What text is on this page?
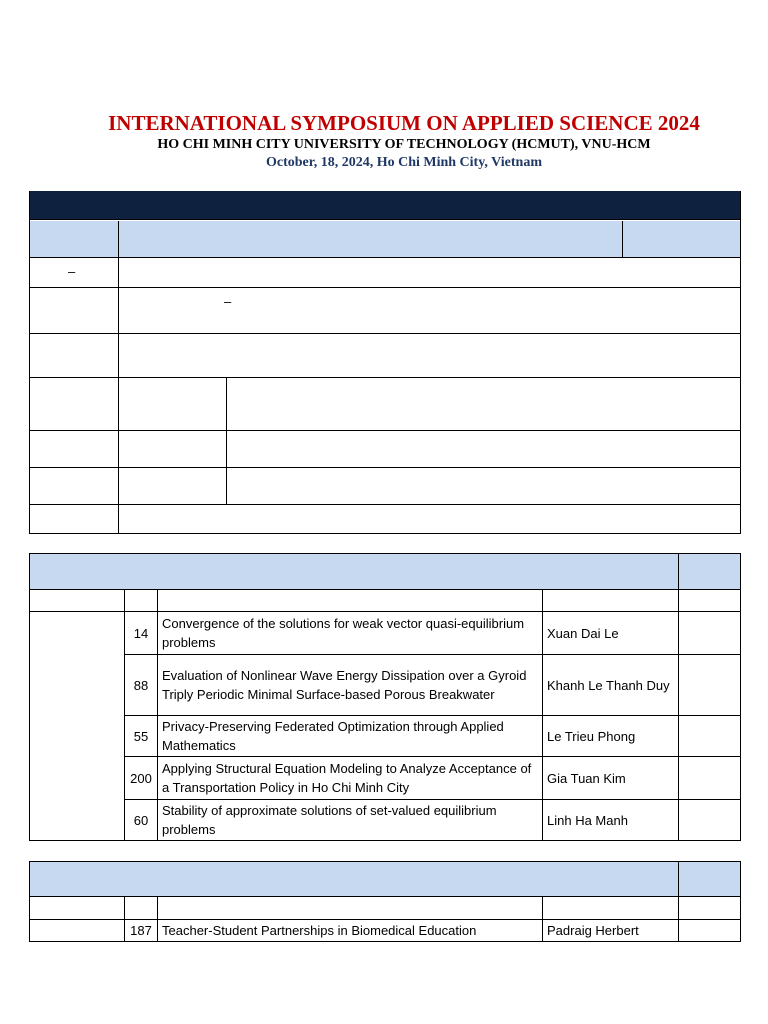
INTERNATIONAL SYMPOSIUM ON APPLIED SCIENCE 2024
HO CHI MINH CITY UNIVERSITY OF TECHNOLOGY (HCMUT), VNU-HCM
October, 18, 2024, Ho Chi Minh City, Vietnam
–
–
14
Convergence of the solutions for weak vector quasi-equilibrium problems
Xuan Dai Le
88
Evaluation of Nonlinear Wave Energy Dissipation over a Gyroid Triply Periodic Minimal Surface-based Porous Breakwater
Khanh Le Thanh Duy
55
Privacy-Preserving Federated Optimization through Applied Mathematics
Le Trieu Phong
200
Applying Structural Equation Modeling to Analyze Acceptance of a Transportation Policy in Ho Chi Minh City
Gia Tuan Kim
60
Stability of approximate solutions of set-valued equilibrium problems
Linh Ha Manh
187 Teacher-Student Partnerships in Biomedical Education	Padraig Herbert
